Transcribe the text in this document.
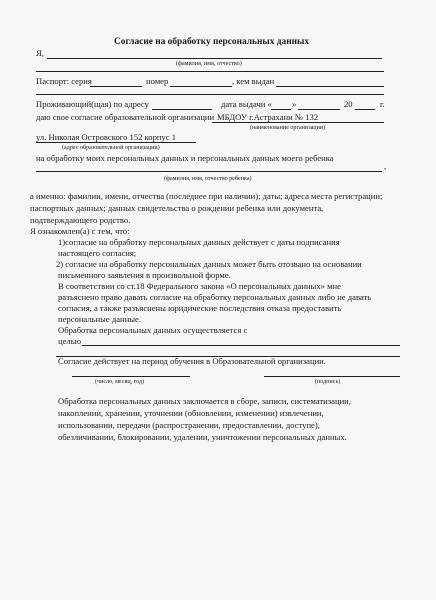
Согласие на обработку персональных данных
Я,
(фамилия, имя, отчество)
Паспорт: серия	номер	, кем выдан
Проживающий(щая) по адресу	дата выдачи « »	20	г.
даю свое согласие образовательной организации МБДОУ г.Астрахани № 132
(наименование организации)
ул. Николая Островского 152 корпус 1
(адрес образовательной организации)
на обработку моих персональных данных и персональных данных моего ребенка
,
(фамилия, имя, отчество ребенка)
а именно: фамилии, имени, отчества (последнее при наличии); даты; адреса места регистрации;
паспортных данных; данных свидетельства о рождении ребенка или документа,
подтверждающего родство.
Я ознакомлен(а) с тем, что:
1)согласие на обработку персональных данных действует с даты подписания
настоящего согласия;
2) согласие на обработку персональных данных может быть отозвано на основании
письменного заявления в произвольной форме.
В соответствии со ст.18 Федерального закона «О персональных данных» мне
разъяснено право давать согласие на обработку персональных данных либо не давать
согласия, а также разъяснены юридические последствия отказа предоставить
персональные данные.
Обработка персональных данных осуществляется с
целью
Согласие действует на период обучения в Образовательной организации.
(число, месяц, год)	(подпись)
Обработка персональных данных заключается в сборе, записи, систематизации,
накоплении, хранении, уточнении (обновлении, изменении) извлечении,
использовании, передачи (распространении, предоставлении, доступе),
обезличивании, блокировании, удалении, уничтожении персональных данных.
